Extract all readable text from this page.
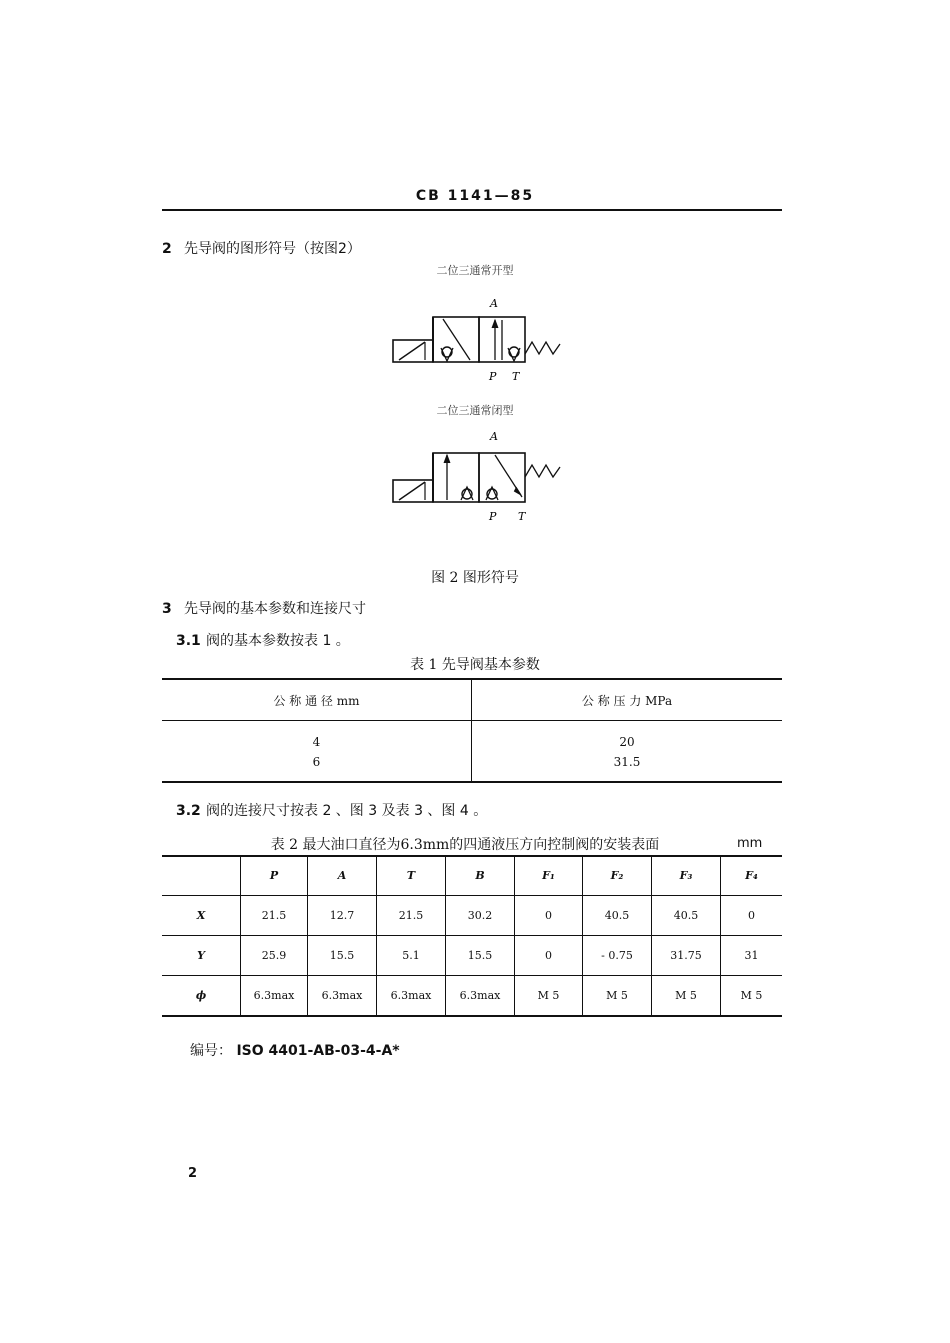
CB 1141—85
2 先导阀的图形符号（按图2）
二位三通常开型
A
P T
二位三通常闭型
A
P T
图 2 图形符号
3 先导阀的基本参数和连接尺寸
3.1 阀的基本参数按表 1 。
表 1 先导阀基本参数
公 称 通 径 mm	公 称 压 力 MPa
4	20
6	31.5
3.2 阀的连接尺寸按表 2 、图 3 及表 3 、图 4 。
表 2 最大油口直径为6.3mm的四通液压方向控制阀的安装表面	mm
	P	A	T	B	F₁	F₂	F₃	F₄
X	21.5	12.7	21.5	30.2	0	40.5	40.5	0
Y	25.9	15.5	5.1	15.5	0	- 0.75	31.75	31
ϕ	6.3max	6.3max	6.3max	6.3max	M 5	M 5	M 5	M 5
编号： ISO 4401-AB-03-4-A*
2
